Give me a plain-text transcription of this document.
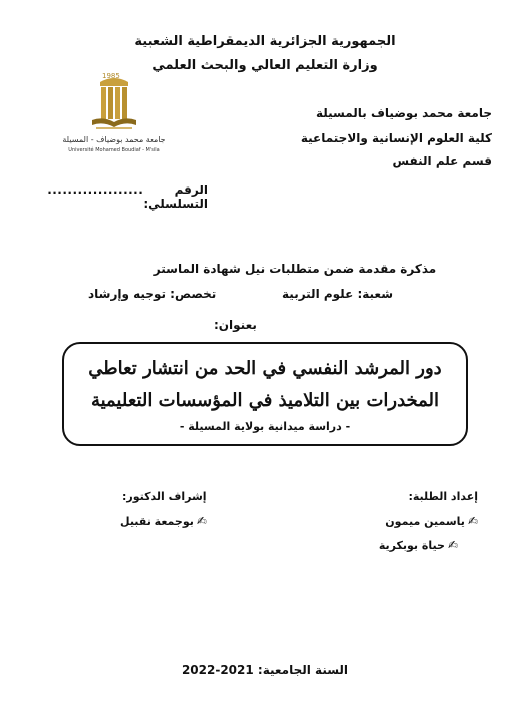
الجمهورية الجزائرية الديمقراطية الشعبية
وزارة التعليم العالي والبحث العلمي
1985
جامعة محمد بوضياف - المسيلة
Université Mohamed Boudiaf - M'sila
جامعة محمد بوضياف بالمسيلة
كلية العلوم الإنسانية والاجتماعية
قسم علم النفس
الرقم التسلسلي:
...................
مذكرة مقدمة ضمن متطلبات نيل شهادة الماستر
شعبة: علوم التربية
تخصص: توجيه وإرشاد
بعنوان:
دور المرشد النفسي في الحد من انتشار تعاطي
المخدرات بين التلاميذ في المؤسسات التعليمية
- دراسة ميدانية بولاية المسيلة -
إعداد الطلبة:
إشراف الدكتور:
✍
ياسمين ميمون
✍
حياة بوبكرية
✍
بوجمعة نقبيل
السنة الجامعية: 2021-2022
